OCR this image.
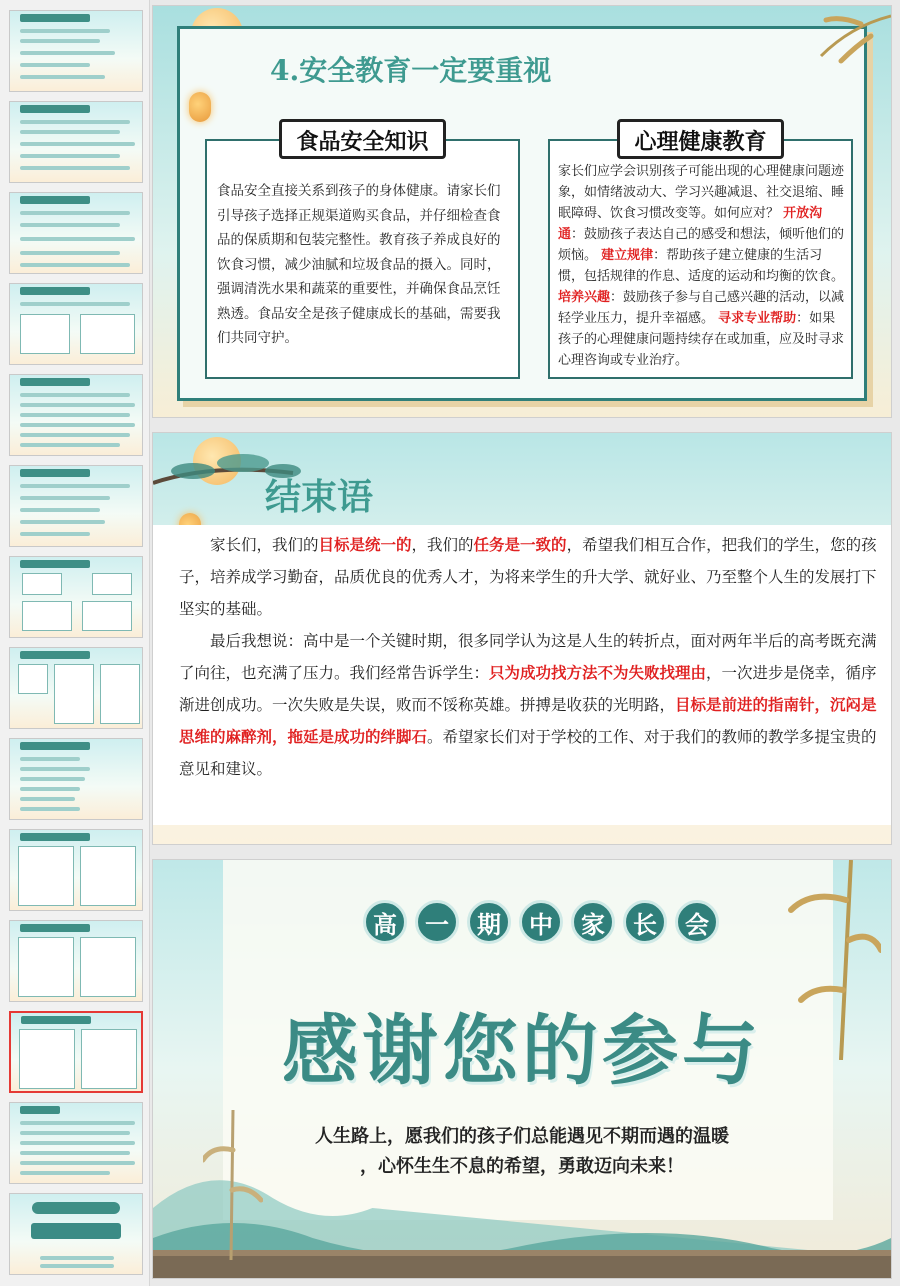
4.安全教育一定要重视
食品安全知识
食品安全直接关系到孩子的身体健康。请家长们引导孩子选择正规渠道购买食品，并仔细检查食品的保质期和包装完整性。教育孩子养成良好的饮食习惯，减少油腻和垃圾食品的摄入。同时，强调清洗水果和蔬菜的重要性，并确保食品烹饪熟透。食品安全是孩子健康成长的基础，需要我们共同守护。
心理健康教育
家长们应学会识别孩子可能出现的心理健康问题迹象，如情绪波动大、学习兴趣减退、社交退缩、睡眠障碍、饮食习惯改变等。如何应对？ 开放沟通：鼓励孩子表达自己的感受和想法，倾听他们的烦恼。 建立规律：帮助孩子建立健康的生活习惯，包括规律的作息、适度的运动和均衡的饮食。 培养兴趣：鼓励孩子参与自己感兴趣的活动，以减轻学业压力，提升幸福感。 寻求专业帮助：如果孩子的心理健康问题持续存在或加重，应及时寻求心理咨询或专业治疗。
结束语

家长们，我们的目标是统一的，我们的任务是一致的，希望我们相互合作，把我们的学生，您的孩子，培养成学习勤奋，品质优良的优秀人才，为将来学生的升大学、就好业、乃至整个人生的发展打下坚实的基础。

最后我想说：高中是一个关键时期，很多同学认为这是人生的转折点，面对两年半后的高考既充满了向往，也充满了压力。我们经常告诉学生：只为成功找方法不为失败找理由，一次进步是侥幸，循序渐进创成功。一次失败是失误，败而不馁称英雄。拼搏是收获的光明路，目标是前进的指南针，沉闷是思维的麻醉剂，拖延是成功的绊脚石。希望家长们对于学校的工作、对于我们的教师的教学多提宝贵的意见和建议。

高	一	期	中	家	长	会
感谢您的参与
人生路上，愿我们的孩子们总能遇见不期而遇的温暖
，心怀生生不息的希望，勇敢迈向未来！
